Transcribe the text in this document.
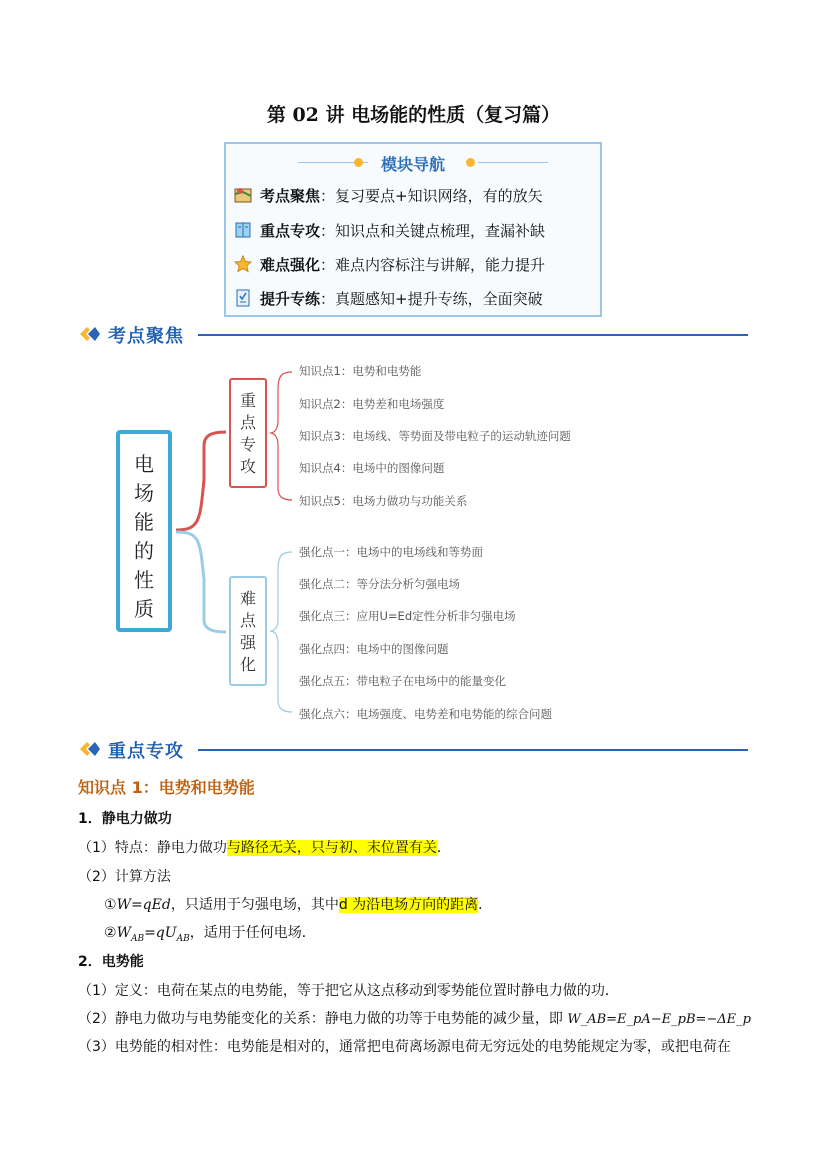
第 02 讲 电场能的性质（复习篇）
模块导航
考点聚焦 ： 复习要点+知识网络，有的放矢
重点专攻 ： 知识点和关键点梳理，查漏补缺
难点强化 ： 难点内容标注与讲解，能力提升
提升专练 ： 真题感知+提升专练，全面突破
考点聚焦
电
场
能
的
性
质
重
点
专
攻
难
点
强
化
知识点1：电势和电势能
知识点2：电势差和电场强度
知识点3：电场线、等势面及带电粒子的运动轨迹问题
知识点4：电场中的图像问题
知识点5：电场力做功与功能关系
强化点一：电场中的电场线和等势面
强化点二：等分法分析匀强电场
强化点三：应用U=Ed定性分析非匀强电场
强化点四：电场中的图像问题
强化点五：带电粒子在电场中的能量变化
强化点六：电场强度、电势差和电势能的综合问题
重点专攻
知识点 1：电势和电势能
1．静电力做功
（1）特点：静电力做功与路径无关，只与初、末位置有关．
（2）计算方法
①W=qEd，只适用于匀强电场，其中d 为沿电场方向的距离．
$②W_{AB}=qU_{AB}$，适用于任何电场．
2．电势能
（1）定义：电荷在某点的电势能，等于把它从这点移动到零势能位置时静电力做的功．
（2）静电力做功与电势能变化的关系：静电力做的功等于电势能的减少量，即 W_AB=E_pA−E_pB=−ΔE_p
（3）电势能的相对性：电势能是相对的，通常把电荷离场源电荷无穷远处的电势能规定为零，或把电荷在
